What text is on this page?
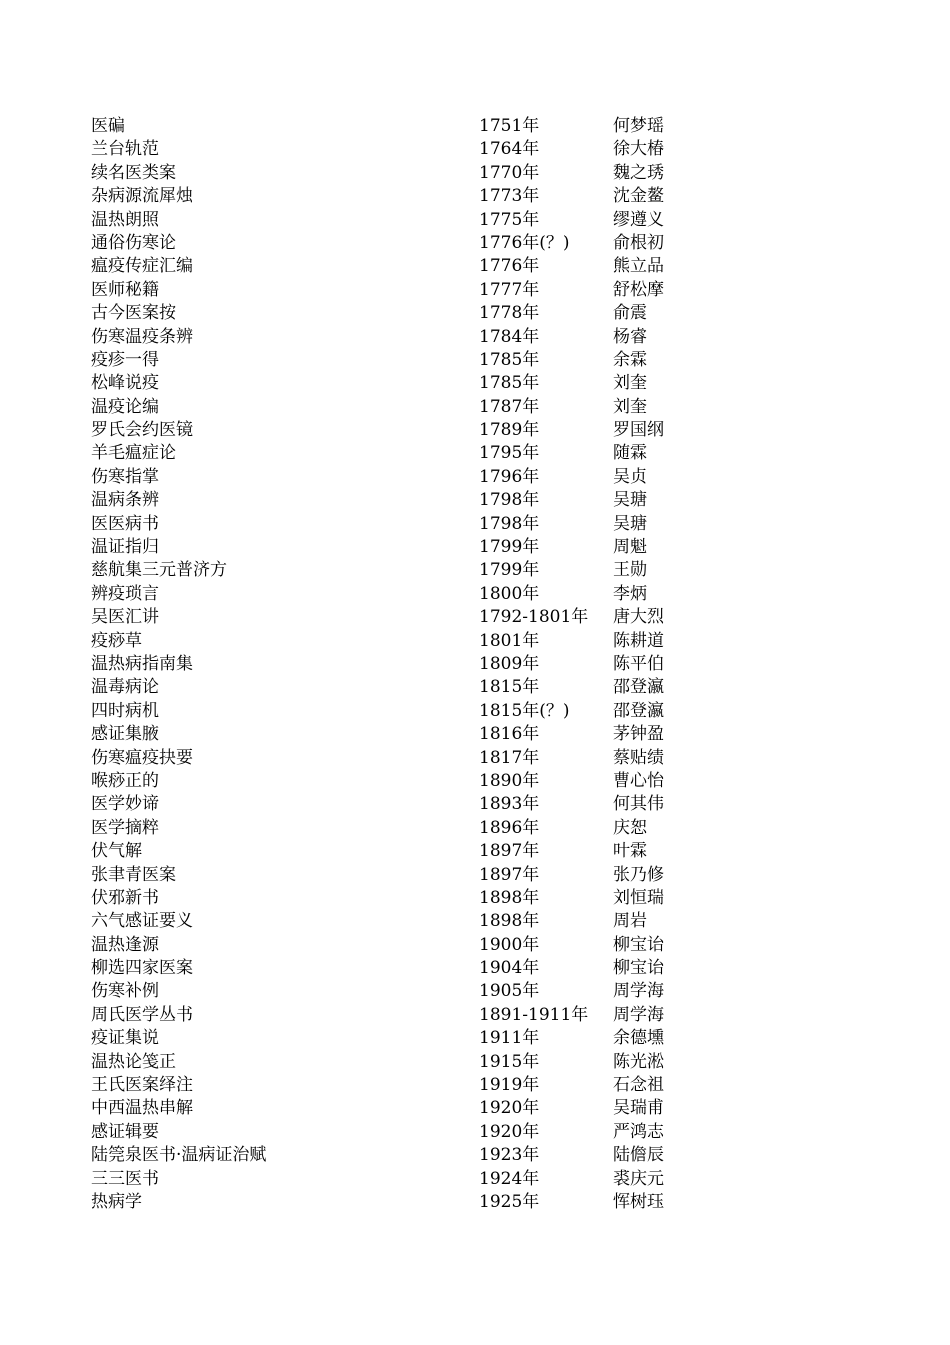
医碥	1751年	何梦瑶
兰台轨范	1764年	徐大椿
续名医类案	1770年	魏之琇
杂病源流犀烛	1773年	沈金鳌
温热朗照	1775年	缪遵义
通俗伤寒论	1776年(？)	俞根初
瘟疫传症汇编	1776年	熊立品
医师秘籍	1777年	舒松摩
古今医案按	1778年	俞震
伤寒温疫条辨	1784年	杨睿
疫疹一得	1785年	余霖
松峰说疫	1785年	刘奎
温疫论编	1787年	刘奎
罗氏会约医镜	1789年	罗国纲
羊毛瘟症论	1795年	随霖
伤寒指掌	1796年	吴贞
温病条辨	1798年	吴瑭
医医病书	1798年	吴瑭
温证指归	1799年	周魁
慈航集三元普济方	1799年	王勋
辨疫琐言	1800年	李炳
吴医汇讲	1792-1801年 唐大烈
疫痧草	1801年	陈耕道
温热病指南集	1809年	陈平伯
温毒病论	1815年	邵登瀛
四时病机	1815年(？)	邵登瀛
感证集腋	1816年	茅钟盈
伤寒瘟疫抉要	1817年	蔡贴绩
喉痧正的	1890年	曹心怡
医学妙谛	1893年	何其伟
医学摘粹	1896年	庆恕
伏气解	1897年	叶霖
张聿青医案	1897年	张乃修
伏邪新书	1898年	刘恒瑞
六气感证要义	1898年	周岩
温热逢源	1900年	柳宝诒
柳选四家医案	1904年	柳宝诒
伤寒补例	1905年	周学海
周氏医学丛书	1891-1911年 周学海
疫证集说	1911年	余德壎
温热论笺正	1915年	陈光淞
王氏医案绎注	1919年	石念祖
中西温热串解	1920年	吴瑞甫
感证辑要	1920年	严鸿志
陆筦泉医书·温病证治赋	1923年	陆儋辰
三三医书	1924年	裘庆元
热病学	1925年	恽树珏
